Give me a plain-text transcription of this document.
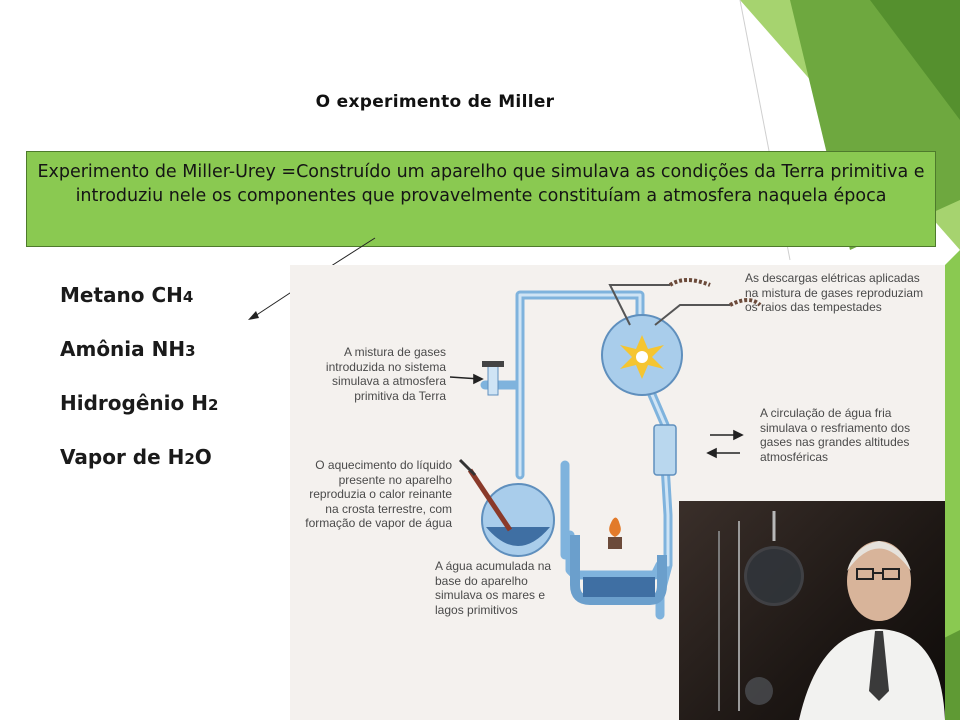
O experimento de Miller
Experimento de Miller-Urey =Construído um aparelho que simulava as condições da Terra primitiva e introduziu nele os componentes que provavelmente constituíam a atmosfera naquela época
Metano CH4
Amônia NH3
Hidrogênio H2
Vapor de H2O
As descargas elétricas aplicadas na mistura de gases reproduziam os raios das tempestades
A mistura de gases introduzida no sistema simulava a atmosfera primitiva da Terra
A circulação de água fria simulava o resfriamento dos gases nas grandes altitudes atmosféricas
O aquecimento do líquido presente no aparelho reproduzia o calor reinante na crosta terrestre, com formação de vapor de água
A água acumulada na base do aparelho simulava os mares e lagos primitivos
